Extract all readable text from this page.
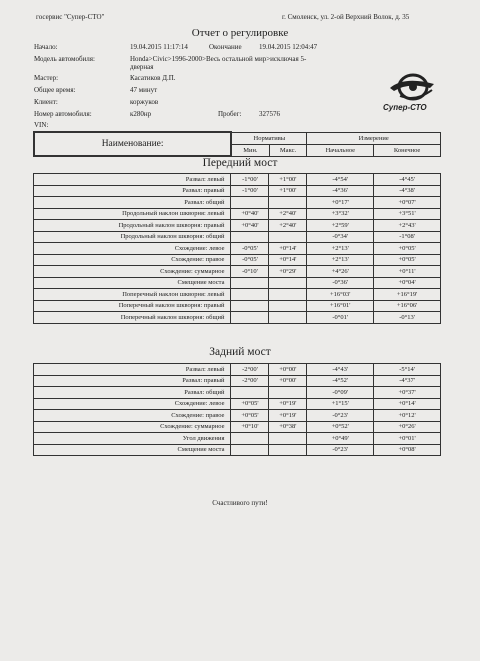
госервис "Супер-СТО"	г. Смоленск, ул. 2-ой Верхний Волок, д. 35
Отчет о регулировке
Начало:	19.04.2015 11:17:14	Окончание 19.04.2015 12:04:47
Модель автомобиля:	Honda>Civic>1996-2000>Весь остальной мир>исключая 5-
дверная
Мастер:	Касатиков Д.П.
Общее время:	47 минут
Клиент:	коржуков
Номер автомобиля:	к280нр	Пробег:	327576
VIN:
Супер-СТО
Наименование:	Нормативы		Измерение	
	Мин.	Макс.	Начальное	Конечное
Передний мост
Развал: левый	-1°00'	+1°00'	-4°54'	-4°45'
Развал: правый	-1°00'	+1°00'	-4°36'	-4°38'
Развал: общий			+0°17'	+0°07'
Продольный наклон шкворня: левый	+0°40'	+2°40'	+3°32'	+3°51'
Продольный наклон шкворня: правый	+0°40'	+2°40'	+2°59'	+2°43'
Продольный наклон шкворня: общий			-0°34'	-1°08'
Схождение: левое	-0°05'	+0°14'	+2°13'	+0°05'
Схождение: правое	-0°05'	+0°14'	+2°13'	+0°05'
Схождение: суммарное	-0°10'	+0°29'	+4°26'	+0°11'
Смещение моста			-0°36'	+0°04'
Поперечный наклон шкворня: левый			+16°03'	+16°19'
Поперечный наклон шкворня: правый			+16°01'	+16°06'
Поперечный наклон шкворня: общий			-0°01'	-0°13'
Задний мост
Развал: левый	-2°00'	+0°00'	-4°43'	-5°14'
Развал: правый	-2°00'	+0°00'	-4°52'	-4°37'
Развал: общий			-0°09'	+0°37'
Схождение: левое	+0°05'	+0°19'	+1°15'	+0°14'
Схождение: правое	+0°05'	+0°19'	-0°23'	+0°12'
Схождение: суммарное	+0°10'	+0°38'	+0°52'	+0°26'
Угол движения			+0°49'	+0°01'
Смещение моста			-0°23'	+0°08'
Счастливого пути!
